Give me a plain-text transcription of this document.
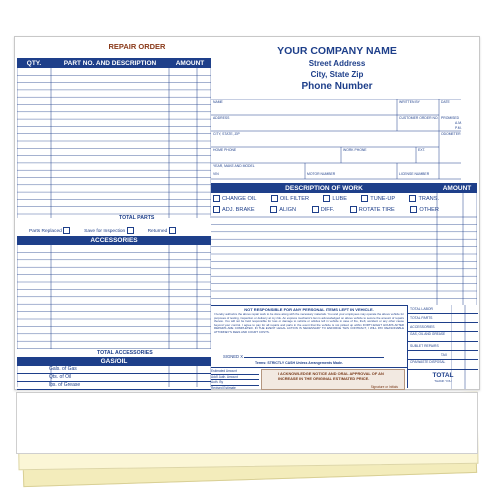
REPAIR ORDER
QTY.	PART NO. AND DESCRIPTION	AMOUNT
TOTAL PARTS
Parts Replaced	Save for Inspection	Returned
ACCESSORIES
TOTAL ACCESSORIES
GAS/OIL
Gals. of Gas
Qts. of Oil
lbs. of Grease
YOUR COMPANY NAME
Street Address
City, State Zip
Phone Number
NAME	WRITTEN BY	DATE
ADDRESS	CUSTOMER ORDER NO. PROMISED
A.M.
P.M.
CITY, STATE, ZIP	ODOMETER
HOME PHONE	WORK PHONE	EXT.
YEAR, MAKE AND MODEL
VIN	MOTOR NUMBER	LICENSE NUMBER
DESCRIPTION OF WORK	AMOUNT
CHANGE OIL	OIL FILTER	LUBE	TUNE-UP	TRANS.
ADJ. BRAKE	ALIGN	DIFF.	ROTATE TIRE	OTHER
NOT RESPONSIBLE FOR ANY PERSONAL ITEMS LEFT IN VEHICLE.
I hereby authorize the above repair work to be done along with the necessary materials. You and your employees may operate the above vehicle for purposes of testing, inspection or delivery at my risk. An express mechanic's lien is acknowledged on above vehicle to secure the amount of repairs thereto. You will not be held responsible for loss or damage to vehicle or articles left in vehicle in case of fire, theft, accident or any other cause beyond your control. I agree to pay for all repairs and parts in the event that the vehicle is not picked up within FORTY-EIGHT HOURS AFTER REPAIRS ARE COMPLETED. IN THE EVENT LEGAL ACTION IS NECESSARY TO ENFORCE THIS CONTRACT, I WILL PAY REASONABLE ATTORNEY'S FEES AND COURT COSTS.
SIGNED X
Terms: STRICTLY CASH Unless Arrangements Made.
Estimated Amount
Add'l Auth. Amount
Auth. By
Revised Estimate
I ACKNOWLEDGE NOTICE AND ORAL APPROVAL OF AN INCREASE IN THE ORIGINAL ESTIMATED PRICE.
Signature or Initials
TOTAL LABOR
TOTAL PARTS
ACCESSORIES
GAS, OIL AND GREASE
SUBLET REPAIRS
TAX
CPA/WASTE DISPOSAL
TOTAL
THANK YOU
